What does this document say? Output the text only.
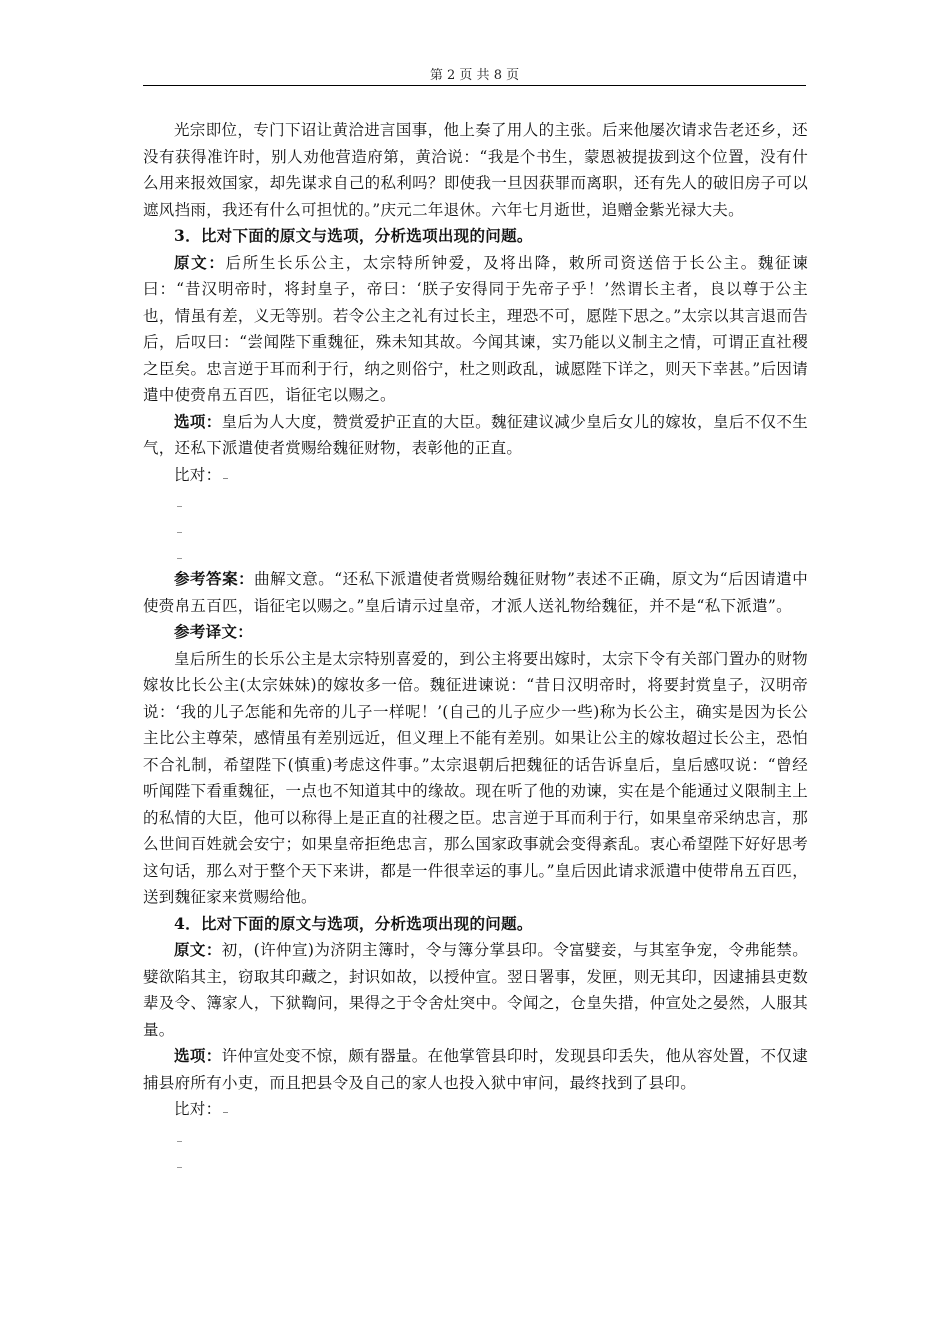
第 2 页 共 8 页

光宗即位，专门下诏让黄洽进言国事，他上奏了用人的主张。后来他屡次请求告老还乡，还没有获得准许时，别人劝他营造府第，黄洽说：“我是个书生，蒙恩被提拔到这个位置，没有什么用来报效国家，却先谋求自己的私利吗？即使我一旦因获罪而离职，还有先人的破旧房子可以遮风挡雨，我还有什么可担忧的。”庆元二年退休。六年七月逝世，追赠金紫光禄大夫。

3．比对下面的原文与选项，分析选项出现的问题。

原文：后所生长乐公主，太宗特所钟爱，及将出降，敕所司资送倍于长公主。魏征谏曰：“昔汉明帝时，将封皇子，帝曰：‘朕子安得同于先帝子乎！’然谓长主者，良以尊于公主也，情虽有差，义无等别。若令公主之礼有过长主，理恐不可，愿陛下思之。”太宗以其言退而告后，后叹曰：“尝闻陛下重魏征，殊未知其故。今闻其谏，实乃能以义制主之情，可谓正直社稷之臣矣。忠言逆于耳而利于行，纳之则俗宁，杜之则政乱，诚愿陛下详之，则天下幸甚。”后因请遣中使赍帛五百匹，诣征宅以赐之。

选项：皇后为人大度，赞赏爱护正直的大臣。魏征建议减少皇后女儿的嫁妆，皇后不仅不生气，还私下派遣使者赏赐给魏征财物，表彰他的正直。

比对：

参考答案：曲解文意。“还私下派遣使者赏赐给魏征财物”表述不正确，原文为“后因请遣中使赍帛五百匹，诣征宅以赐之。”皇后请示过皇帝，才派人送礼物给魏征，并不是“私下派遣”。

参考译文：

皇后所生的长乐公主是太宗特别喜爱的，到公主将要出嫁时，太宗下令有关部门置办的财物嫁妆比长公主(太宗妹妹)的嫁妆多一倍。魏征进谏说：“昔日汉明帝时，将要封赏皇子，汉明帝说：‘我的儿子怎能和先帝的儿子一样呢！’(自己的儿子应少一些)称为长公主，确实是因为长公主比公主尊荣，感情虽有差别远近，但义理上不能有差别。如果让公主的嫁妆超过长公主，恐怕不合礼制，希望陛下(慎重)考虑这件事。”太宗退朝后把魏征的话告诉皇后，皇后感叹说：“曾经听闻陛下看重魏征，一点也不知道其中的缘故。现在听了他的劝谏，实在是个能通过义限制主上的私情的大臣，他可以称得上是正直的社稷之臣。忠言逆于耳而利于行，如果皇帝采纳忠言，那么世间百姓就会安宁；如果皇帝拒绝忠言，那么国家政事就会变得紊乱。衷心希望陛下好好思考这句话，那么对于整个天下来讲，都是一件很幸运的事儿。”皇后因此请求派遣中使带帛五百匹，送到魏征家来赏赐给他。

4．比对下面的原文与选项，分析选项出现的问题。

原文：初，(许仲宣)为济阴主簿时，令与簿分掌县印。令富嬖妾，与其室争宠，令弗能禁。嬖欲陷其主，窃取其印藏之，封识如故，以授仲宣。翌日署事，发匣，则无其印，因逮捕县吏数辈及令、簿家人，下狱鞫问，果得之于令舍灶突中。令闻之，仓皇失措，仲宣处之晏然，人服其量。

选项：许仲宣处变不惊，颇有器量。在他掌管县印时，发现县印丢失，他从容处置，不仅逮捕县府所有小吏，而且把县令及自己的家人也投入狱中审问，最终找到了县印。

比对：
